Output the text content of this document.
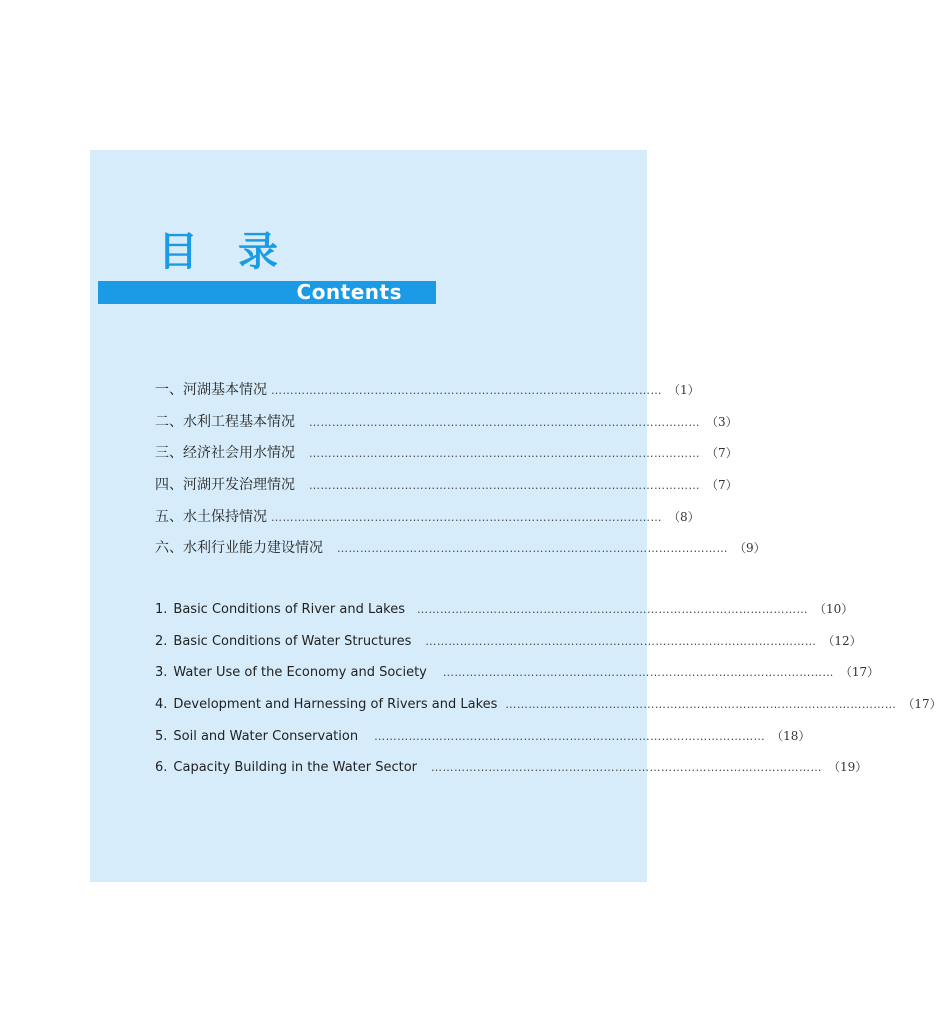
目　录
Contents
一、河湖基本情况 ………………………………………………………………………………………… （1）
二、水利工程基本情况 ………………………………………………………………………………………… （3）
三、经济社会用水情况 ………………………………………………………………………………………… （7）
四、河湖开发治理情况 ………………………………………………………………………………………… （7）
五、水土保持情况 ………………………………………………………………………………………… （8）
六、水利行业能力建设情况 ………………………………………………………………………………………… （9）
1. Basic Conditions of River and Lakes ………………………………………………………………………………………… （10）
2. Basic Conditions of Water Structures ………………………………………………………………………………………… （12）
3. Water Use of the Economy and Society ………………………………………………………………………………………… （17）
4. Development and Harnessing of Rivers and Lakes ………………………………………………………………………………………… （17）
5. Soil and Water Conservation ………………………………………………………………………………………… （18）
6. Capacity Building in the Water Sector ………………………………………………………………………………………… （19）
